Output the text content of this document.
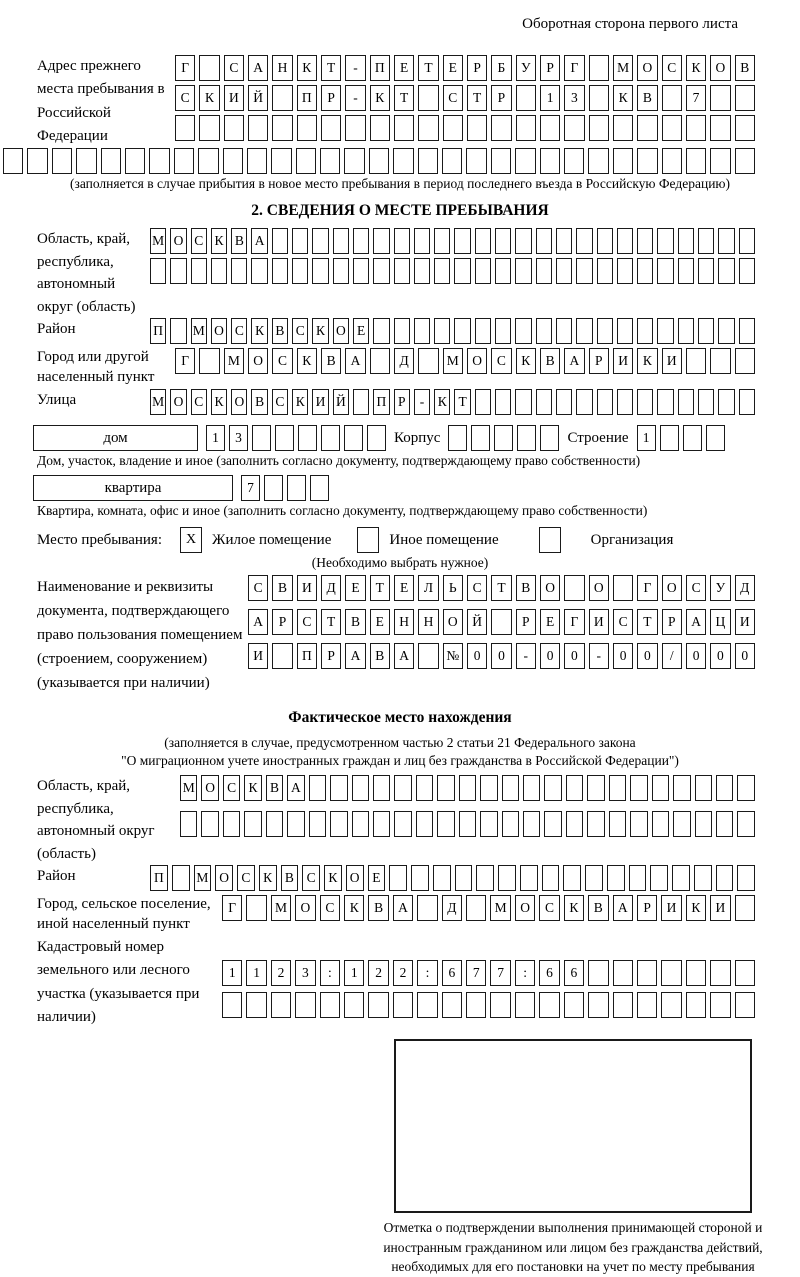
Оборотная сторона первого листа
Адрес прежнего места пребывания в Российской Федерации
Г	С	А	Н	К	Т	-	П	Е	Т	Е	Р	Б	У	Р	Г	М О	С	К	О	В
С	К	И	Й	П	Р	-	К	Т	С	Т	Р	1	3	К	В	7
(заполняется в случае прибытия в новое место пребывания в период последнего въезда в Российскую Федерацию)
2. СВЕДЕНИЯ О МЕСТЕ ПРЕБЫВАНИЯ
Область, край, республика, автономный округ (область)
М О С К В А
Район	П М О С К В С К О Е
Город или другой населенный пункт
Г	М О	С	К	В	А	Д	М О	С	К	В	А	Р	И	К	И
Улица	М О С К О В С К И Й П Р	-	К Т
дом	1	3	Корпус	Строение	1
Дом, участок, владение и иное (заполнить согласно документу, подтверждающему право собственности)
квартира	7
Квартира, комната, офис и иное (заполнить согласно документу, подтверждающему право собственности)
Место пребывания:	X	Жилое помещение	Иное помещение	Организация
(Необходимо выбрать нужное)
Наименование и реквизиты документа, подтверждающего право пользования помещением (строением, сооружением) (указывается при наличии)
С	В	И	Д	Е	Т	Е	Л	Ь	С	Т	В	О	О	Г	О	С	У	Д
А	Р	С	Т	В	Е	Н	Н	О	Й	Р	Е	Г	И	С	Т	Р	А	Ц	И
И	П	Р	А	В	А	№	0	0	-	0	0	-	0	0	/	0	0	0
Фактическое место нахождения
(заполняется в случае, предусмотренном частью 2 статьи 21 Федерального закона
"О миграционном учете иностранных граждан и лиц без гражданства в Российской Федерации")
Область, край, республика, автономный округ (область)
М О С К В А
Район	П М О С К В С К О Е
Город, сельское поселение, иной населенный пункт
Г	М	О	С	К	В	А	Д	М	О	С	К	В	А	Р	И	К	И
Кадастровый номер земельного или лесного участка (указывается при наличии)
1	1	2	3	:	1	2	2	:	6	7	7	:	6	6
Отметка о подтверждении выполнения принимающей стороной и иностранным гражданином или лицом без гражданства действий, необходимых для его постановки на учет по месту пребывания
